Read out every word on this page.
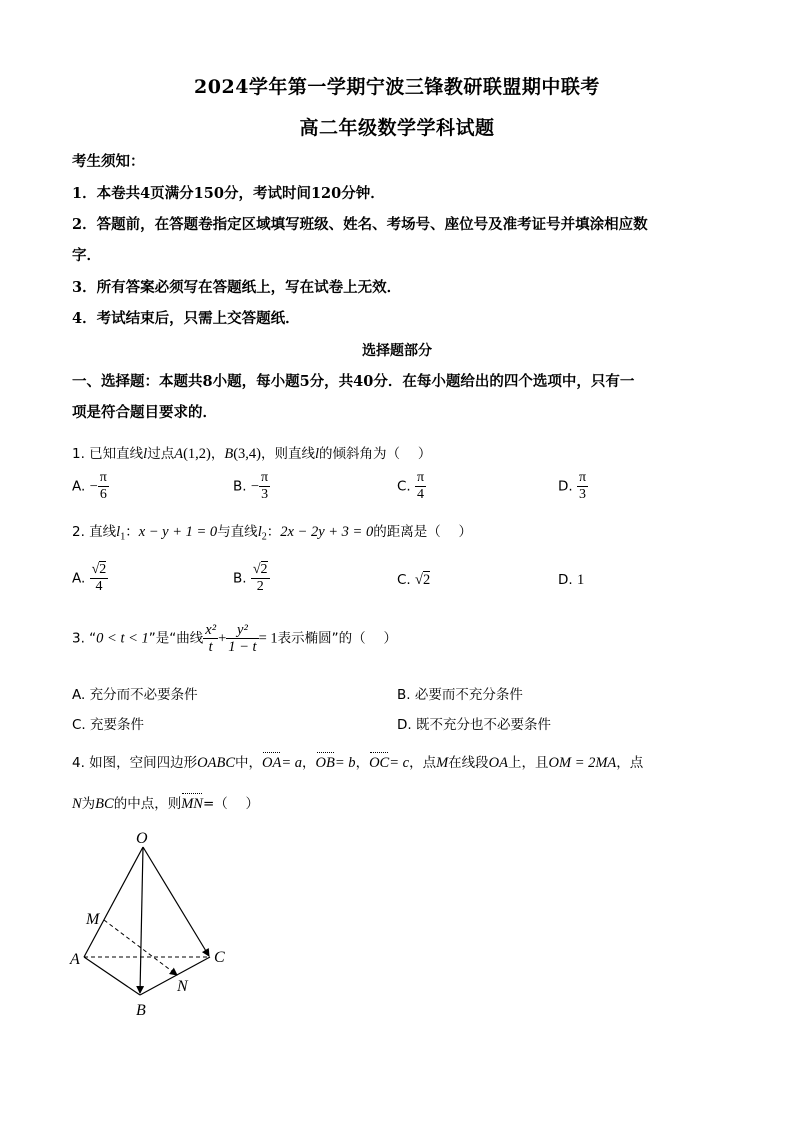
2024学年第一学期宁波三锋教研联盟期中联考
高二年级数学学科试题
考生须知：
1．本卷共4页满分150分，考试时间120分钟．
2．答题前，在答题卷指定区域填写班级、姓名、考场号、座位号及准考证号并填涂相应数
字．
3．所有答案必须写在答题纸上，写在试卷上无效．
4．考试结束后，只需上交答题纸．
选择题部分
一、选择题：本题共8小题，每小题5分，共40分．在每小题给出的四个选项中，只有一
项是符合题目要求的．
1. 已知直线l过点A(1,2)，B(3,4)，则直线l的倾斜角为（　 ）
A. − $\frac{\pi}{6}$	B. − $\frac{\pi}{3}$	C. $\frac{\pi}{4}$	D. $\frac{\pi}{3}$
2. 直线$l_1$：x − y + 1 = 0与直线$l_2$：2x − 2y + 3 = 0的距离是（　 ）
A. $\frac{√2}{4}$	B. $\frac{√2}{2}$	C. √2	D. 1
3. “0 < t < 1”是“曲线 $\frac{\text{x²}}{t} + \frac{\text{y²}}{1 - t} = 1$表示椭圆”的（　 ）
A. 充分而不必要条件	B. 必要而不充分条件
C. 充要条件	D. 既不充分也不必要条件
4. 如图，空间四边形OABC中，OA= a，OB= b，OC= c，点M在线段OA上，且OM = 2MA，点
N为BC的中点，则MN=（　 ）
O
M
A	C
N
B
